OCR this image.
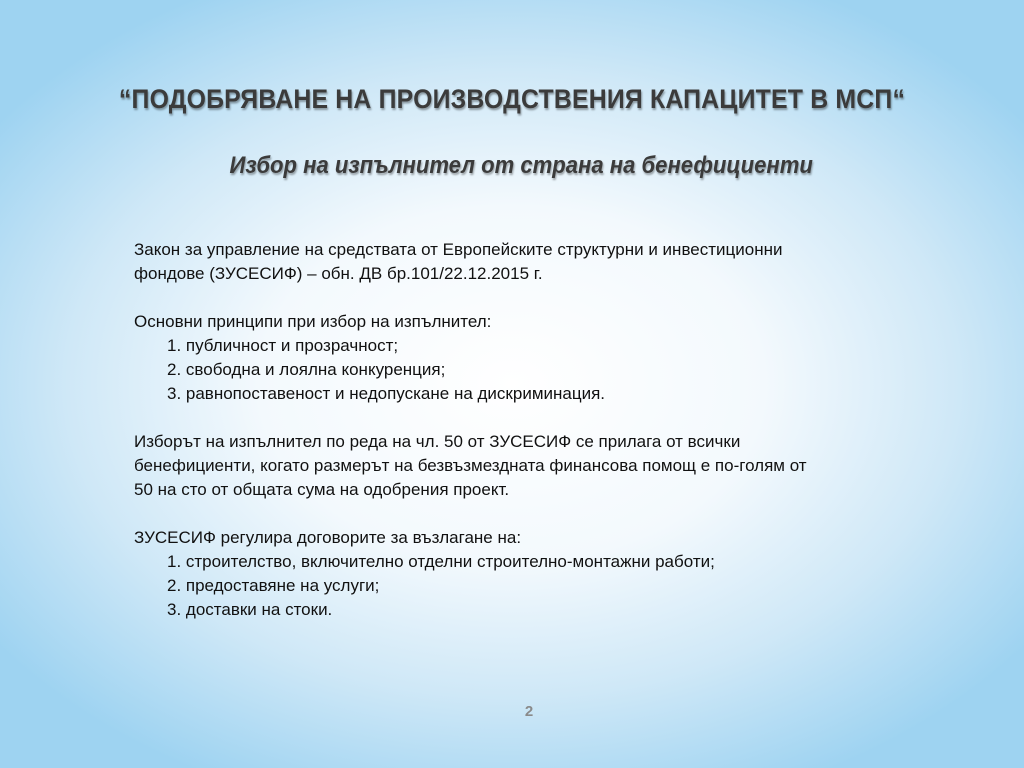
“ПОДОБРЯВАНЕ НА ПРОИЗВОДСТВЕНИЯ КАПАЦИТЕТ В МСП“
Избор на изпълнител от страна на бенефициенти

Закон за управление на средствата от Европейските структурни и инвестиционни

фондове (ЗУСЕСИФ) – обн. ДВ бр.101/22.12.2015 г.

Основни принципи при избор на изпълнител:

1. публичност и прозрачност;

2. свободна и лоялна конкуренция;

3. равнопоставеност и недопускане на дискриминация.

Изборът на изпълнител по реда на чл. 50 от ЗУСЕСИФ се прилага от всички

бенефициенти, когато размерът на безвъзмездната финансова помощ е по-голям от

50 на сто от общата сума на одобрения проект.

ЗУСЕСИФ регулира договорите за възлагане на:

1. строителство, включително отделни строително-монтажни работи;

2. предоставяне на услуги;

3. доставки на стоки.

2
